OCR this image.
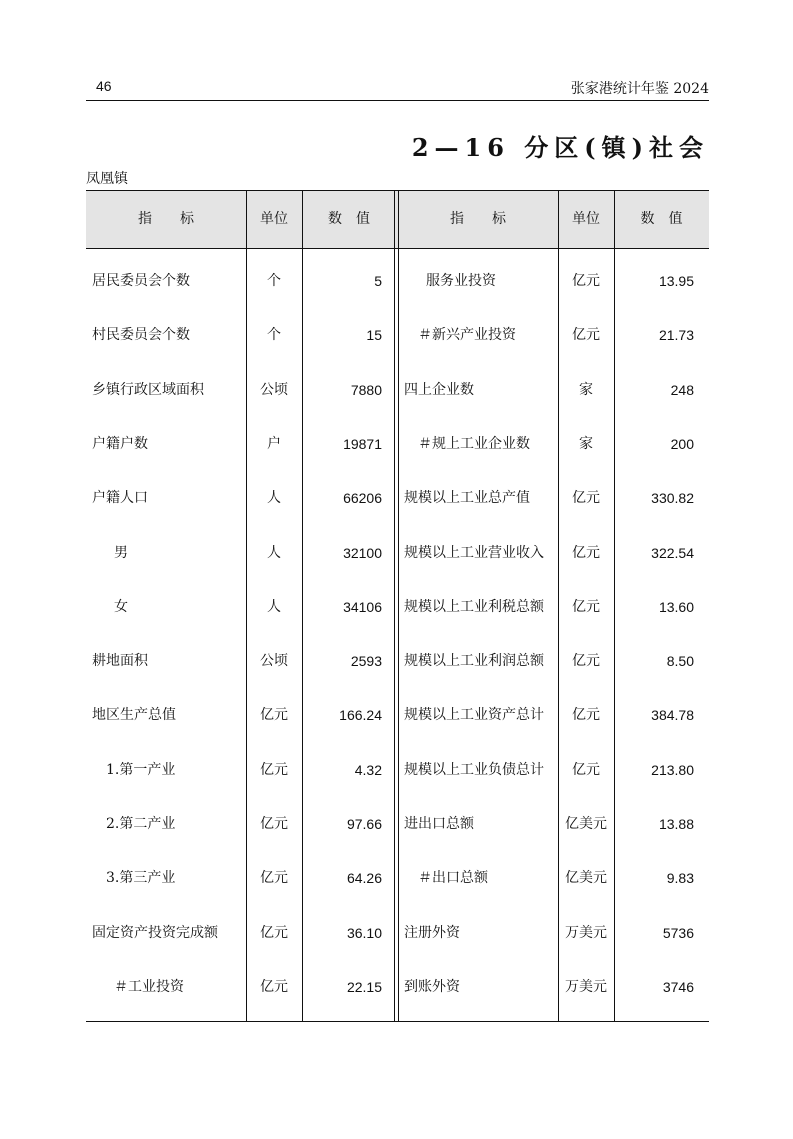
46	张家港统计年鉴 2024
2—16 分区(镇)社会
凤凰镇
指　　标	单位	数　值	指　　标	单位	数　值
居民委员会个数	个	5	服务业投资	亿元	13.95
村民委员会个数	个	15	＃新兴产业投资	亿元	21.73
乡镇行政区域面积	公顷	7880 四上企业数	家	248
户籍户数	户	19871	＃规上工业企业数	家	200
户籍人口	人	66206 规模以上工业总产值	亿元	330.82
男	人	32100 规模以上工业营业收入	亿元	322.54
女	人	34106 规模以上工业利税总额	亿元	13.60
耕地面积	公顷	2593 规模以上工业利润总额	亿元	8.50
地区生产总值	亿元	166.24 规模以上工业资产总计	亿元	384.78
1.第一产业	亿元	4.32 规模以上工业负债总计	亿元	213.80
2.第二产业	亿元	97.66 进出口总额	亿美元	13.88
3.第三产业	亿元	64.26	＃出口总额	亿美元	9.83
固定资产投资完成额	亿元	36.10 注册外资	万美元	5736
＃工业投资	亿元	22.15 到账外资	万美元	3746
